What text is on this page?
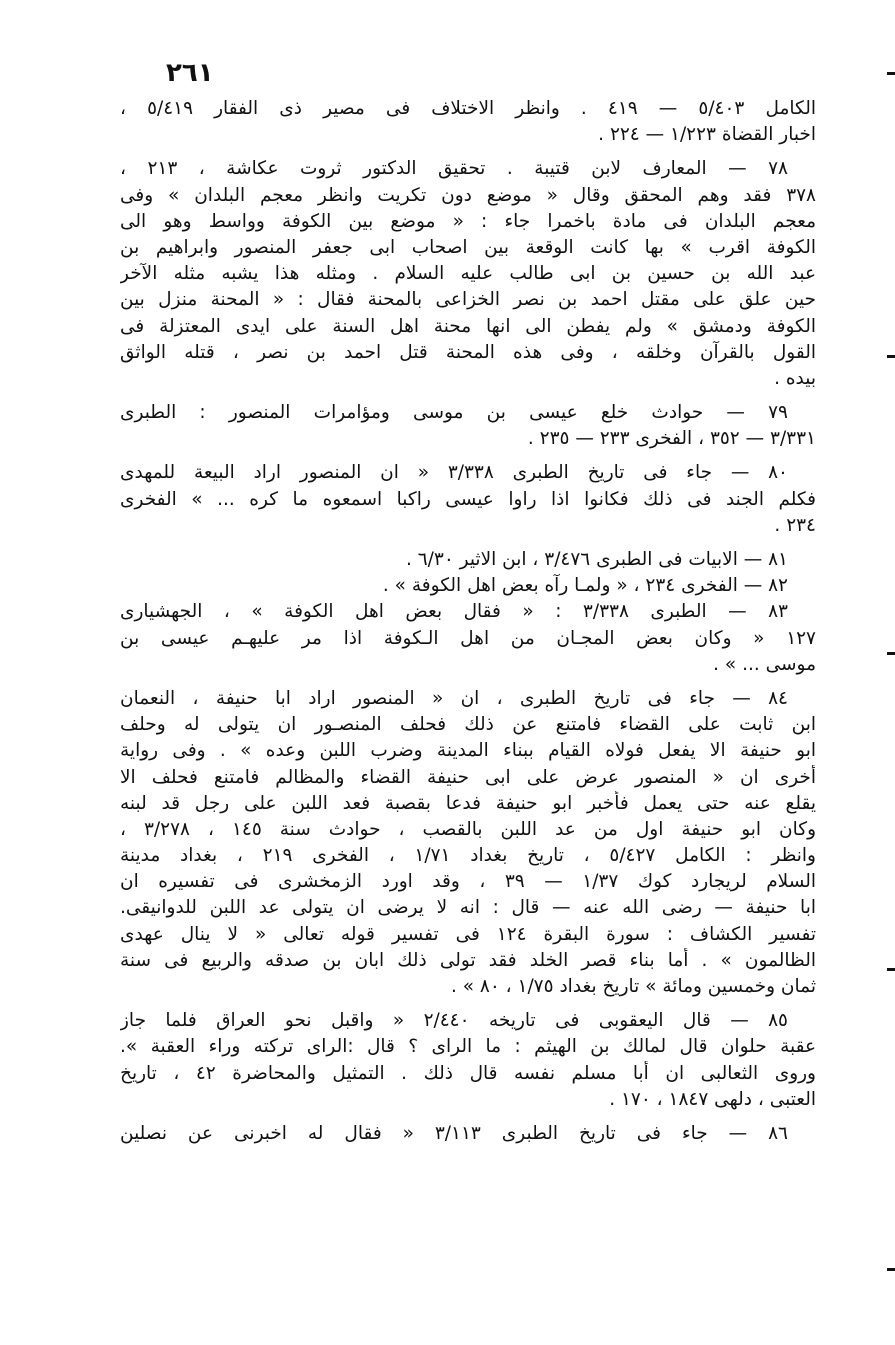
٢٦١
الكامل ٥/٤٠٣ — ٤١٩ . وانظر الاختلاف فى مصير ذى الفقار ٥/٤١٩ ،
اخبار القضاة ١/٢٢٣ — ٢٢٤ .
٧٨ — المعارف لابن قتيبة . تحقيق الدكتور ثروت عكاشة ، ٢١٣ ،
٣٧٨ فقد وهم المحقق وقال « موضع دون تكريت وانظر معجم البلدان » وفى
معجم البلدان فى مادة باخمرا جاء : « موضع بين الكوفة وواسط وهو الى
الكوفة اقرب » بها كانت الوقعة بين اصحاب ابى جعفر المنصور وابراهيم بن
عبد الله بن حسين بن ابى طالب عليه السلام . ومثله هذا يشبه مثله الآخر
حين علق على مقتل احمد بن نصر الخزاعى بالمحنة فقال : « المحنة منزل بين
الكوفة ودمشق » ولم يفطن الى انها محنة اهل السنة على ايدى المعتزلة فى
القول بالقرآن وخلقه ، وفى هذه المحنة قتل احمد بن نصر ، قتله الواثق
بيده .
٧٩ — حوادث خلع عيسى بن موسى ومؤامرات المنصور : الطبرى
٣/٣٣١ — ٣٥٢ ، الفخرى ٢٣٣ — ٢٣٥ .
٨٠ — جاء فى تاريخ الطبرى ٣/٣٣٨ « ان المنصور اراد البيعة للمهدى
فكلم الجند فى ذلك فكانوا اذا راوا عيسى راكبا اسمعوه ما كره ... » الفخرى
٢٣٤ .
٨١ — الابيات فى الطبرى ٣/٤٧٦ ، ابن الاثير ٦/٣٠ .
٨٢ — الفخرى ٢٣٤ ، « ولمـا رآه بعض اهل الكوفة » .
٨٣ — الطبرى ٣/٣٣٨ : « فقال بعض اهل الكوفة » ، الجهشيارى
١٢٧ « وكان بعض المجـان من اهل الـكوفة اذا مر عليهـم عيسى بن
موسى ... » .
٨٤ — جاء فى تاريخ الطبرى ، ان « المنصور اراد ابا حنيفة ، النعمان
ابن ثابت على القضاء فامتنع عن ذلك فحلف المنصـور ان يتولى له وحلف
ابو حنيفة الا يفعل فولاه القيام ببناء المدينة وضرب اللبن وعده » . وفى رواية
أخرى ان « المنصور عرض على ابى حنيفة القضاء والمظالم فامتنع فحلف الا
يقلع عنه حتى يعمل فأخبر ابو حنيفة فدعا بقصبة فعد اللبن على رجل قد لبنه
وكان ابو حنيفة اول من عد اللبن بالقصب ، حوادث سنة ١٤٥ ، ٣/٢٧٨ ،
وانظر : الكامل ٥/٤٢٧ ، تاريخ بغداد ١/٧١ ، الفخرى ٢١٩ ، بغداد مدينة
السلام لريجارد كوك ١/٣٧ — ٣٩ ، وقد اورد الزمخشرى فى تفسيره ان
ابا حنيفة — رضى الله عنه — قال : انه لا يرضى ان يتولى عد اللبن للدوانيقى.
تفسير الكشاف : سورة البقرة ١٢٤ فى تفسير قوله تعالى « لا ينال عهدى
الظالمون » . أما بناء قصر الخلد فقد تولى ذلك ابان بن صدقه والربيع فى سنة
ثمان وخمسين ومائة » تاريخ بغداد ١/٧٥ ، ٨٠ » .
٨٥ — قال اليعقوبى فى تاريخه ٢/٤٤٠ « واقبل نحو العراق فلما جاز
عقبة حلوان قال لمالك بن الهيثم : ما الراى ؟ قال :الراى تركته وراء العقبة ».
وروى الثعالبى ان أبا مسلم نفسه قال ذلك . التمثيل والمحاضرة ٤٢ ، تاريخ
العتبى ، دلهى ١٨٤٧ ، ١٧٠ .
٨٦ — جاء فى تاريخ الطبرى ٣/١١٣ « فقال له اخبرنى عن نصلين
